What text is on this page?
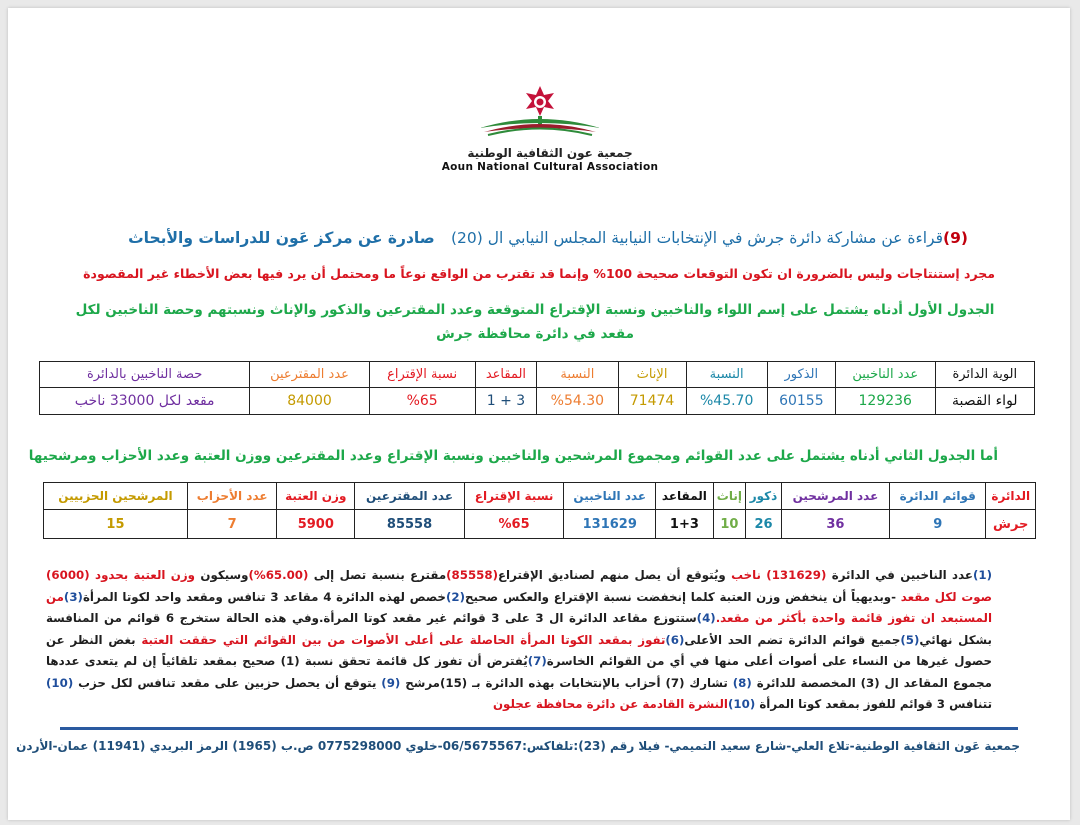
جمعية عون الثقافية الوطنية
Aoun National Cultural Association
(9)قراءة عن مشاركة دائرة جرش في الإنتخابات النيابية المجلس النيابي ال (20)   صادرة عن مركز عَون للدراسات والأبحاث
مجرد إستنتاجات وليس بالضرورة ان تكون التوقعات صحيحة 100% وإنما قد تقترب من الواقع نوعاً ما ومحتمل أن يرد فيها بعض الأخطاء غير المقصودة
الجدول الأول أدناه يشتمل على إسم اللواء والناخبين ونسبة الإقتراع المتوقعة وعدد المقترعين والذكور والإناث ونسبتهم وحصة الناخبين لكل مقعد في دائرة محافظة جرش
الوية الدائرة	عدد الناخبين	الذكور	النسبة	الإناث	النسبة	المقاعد	نسبة الإقتراع	عدد المقترعين	حصة الناخبين بالدائرة
لواء القصبة	129236	60155	%45.70	71474	%54.30	3 + 1	%65	84000	مقعد لكل 33000 ناخب
أما الجدول الثاني أدناه يشتمل على عدد القوائم ومجموع المرشحين والناخبين ونسبة الإقتراع وعدد المقترعين ووزن العتبة وعدد الأحزاب ومرشحيها
الدائرة	قوائم الدائرة	عدد المرشحين	ذكور	إناث	المقاعد	عدد الناخبين	نسبة الإقتراع	عدد المقترعين	وزن العتبة	عدد الأحزاب	المرشحين الحزبيين
جرش	9	36	26	10	1+3	131629	%65	85558	5900	7	15
(1)عدد الناخبين في الدائرة (131629) ناخب ويُتوقع أن يصل منهم لصناديق الإقتراع(85558)مقترع بنسبة تصل إلى (65.00%)وسيكون وزن العتبة بحدود (6000) صوت لكل مقعد -وبديهياً أن ينخفض وزن العتبة كلما إنخفضت نسبة الإقتراع والعكس صحيح(2)خصص لهذه الدائرة 4 مقاعد 3 تنافس ومقعد واحد لكوتا المرأة(3)من المستبعد ان تفوز قائمة واحدة بأكثر من مقعد.(4)ستتوزع مقاعد الدائرة ال 3 على 3 قوائم غير مقعد كوتا المرأة.وفي هذه الحالة ستخرج 6 قوائم من المنافسة بشكل نهائي(5)جميع قوائم الدائرة تضم الحد الأعلى(6)تفوز بمقعد الكوتا المرأة الحاصلة على أعلى الأصوات من بين القوائم التي حققت العتبة بغض النظر عن حصول غيرها من النساء على أصوات أعلى منها في أي من القوائم الخاسرة(7)يُفترض أن تفوز كل قائمة تحقق نسبة (1) صحيح بمقعد تلقائياً إن لم يتعدى عددها مجموع المقاعد ال (3) المخصصة للدائرة (8) تشارك (7) أحزاب بالإنتخابات بهذه الدائرة بـ (15)مرشح (9) يتوقع أن يحصل حزبين على مقعد تنافس لكل حزب (10) تتنافس 3 قوائم للفوز بمقعد كوتا المرأة (10)النشرة القادمة عن دائرة محافظة عجلون
جمعية عَون الثقافية الوطنية-تلاع العلي-شارع سعيد التميمي- فيلا رقم (23):تلفاكس:06/5675567-خلوي 0775298000 ص.ب (1965) الرمز البريدي (11941) عمان-الأردن
